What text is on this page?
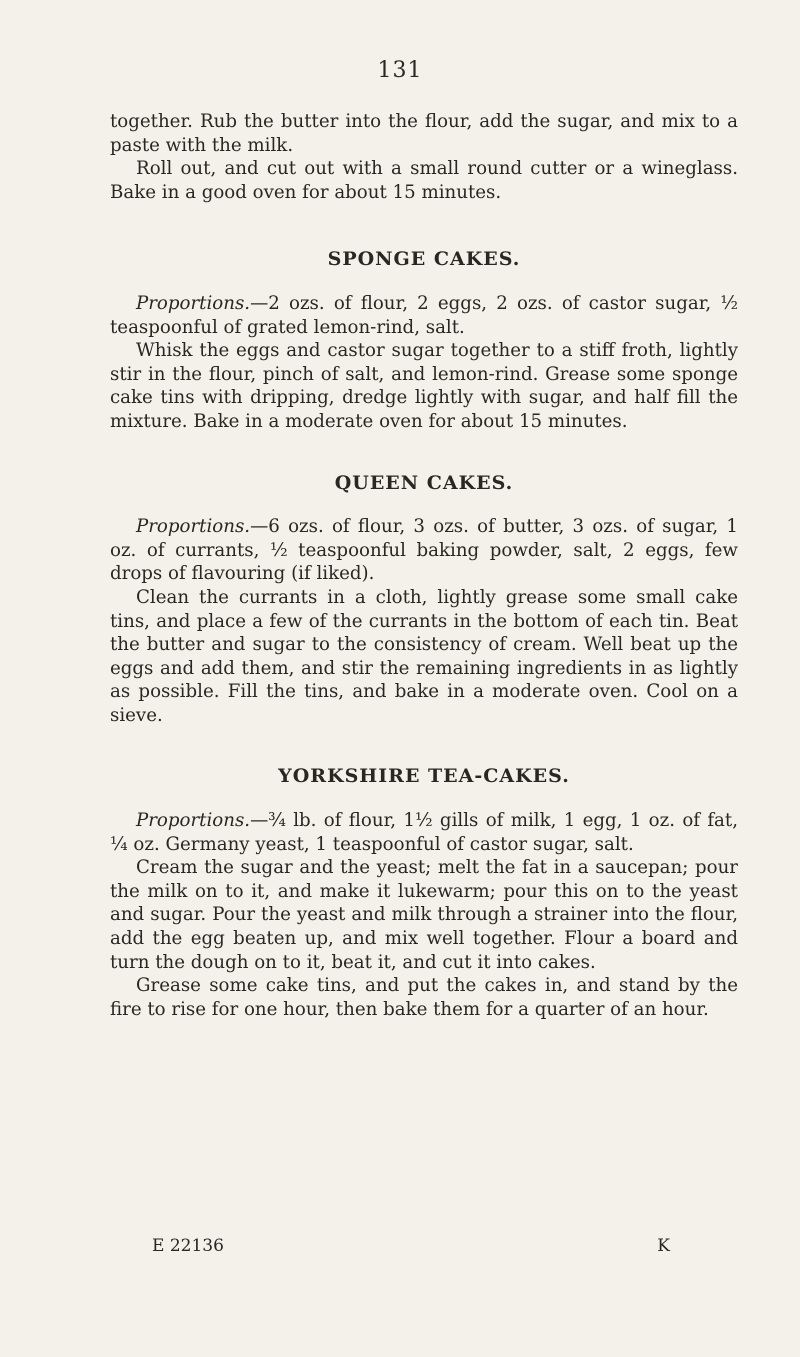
131

together. Rub the butter into the flour, add the sugar, and mix to a paste with the milk.

Roll out, and cut out with a small round cutter or a wineglass. Bake in a good oven for about 15 minutes.

SPONGE CAKES.

Proportions.—2 ozs. of flour, 2 eggs, 2 ozs. of castor sugar, ½ teaspoonful of grated lemon-rind, salt.

Whisk the eggs and castor sugar together to a stiff froth, lightly stir in the flour, pinch of salt, and lemon-rind. Grease some sponge cake tins with dripping, dredge lightly with sugar, and half fill the mixture. Bake in a moderate oven for about 15 minutes.

QUEEN CAKES.

Proportions.—6 ozs. of flour, 3 ozs. of butter, 3 ozs. of sugar, 1 oz. of currants, ½ teaspoonful baking powder, salt, 2 eggs, few drops of flavouring (if liked).

Clean the currants in a cloth, lightly grease some small cake tins, and place a few of the currants in the bottom of each tin. Beat the butter and sugar to the consistency of cream. Well beat up the eggs and add them, and stir the remaining ingredients in as lightly as possible. Fill the tins, and bake in a moderate oven. Cool on a sieve.

YORKSHIRE TEA-CAKES.

Proportions.—¾ lb. of flour, 1½ gills of milk, 1 egg, 1 oz. of fat, ¼ oz. Germany yeast, 1 teaspoonful of castor sugar, salt.

Cream the sugar and the yeast; melt the fat in a saucepan; pour the milk on to it, and make it lukewarm; pour this on to the yeast and sugar. Pour the yeast and milk through a strainer into the flour, add the egg beaten up, and mix well together. Flour a board and turn the dough on to it, beat it, and cut it into cakes.

Grease some cake tins, and put the cakes in, and stand by the fire to rise for one hour, then bake them for a quarter of an hour.

E 22136	K
